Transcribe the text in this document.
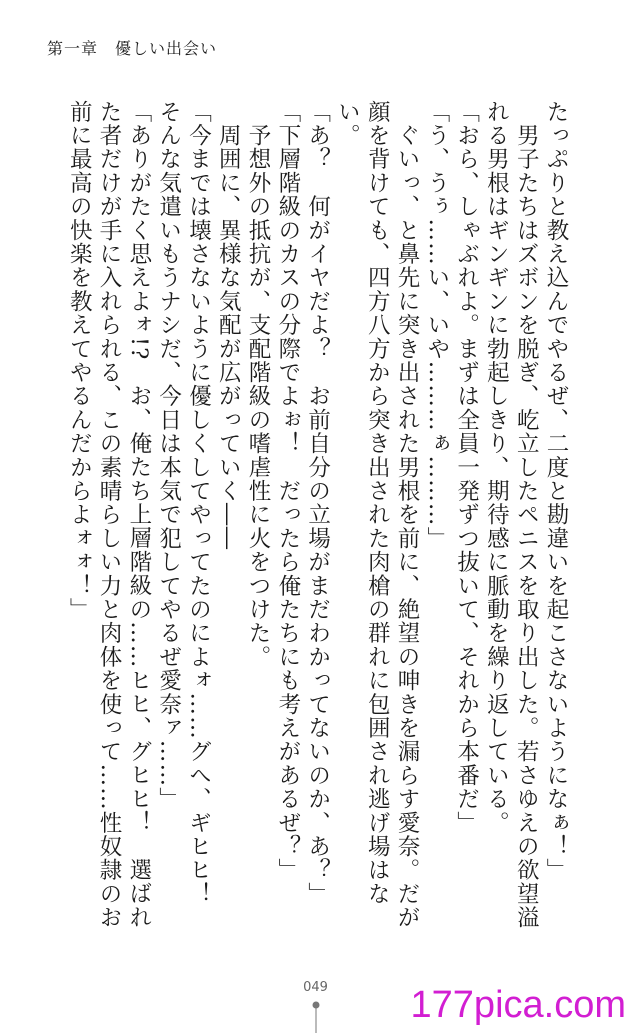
第一章　優しい出会い

たっぷりと教え込んでやるぜ、二度と勘違いを起こさないようになぁ！」

　男子たちはズボンを脱ぎ、屹立したペニスを取り出した。若さゆえの欲望溢れる男根はギンギンに勃起しきり、期待感に脈動を繰り返している。

「おら、しゃぶれよ。まずは全員一発ずつ抜いて、それから本番だ」

「う、うぅ……い、いや………ぁ………」

　ぐいっ、と鼻先に突き出された男根を前に、絶望の呻きを漏らす愛奈。だが顔を背けても、四方八方から突き出された肉槍の群れに包囲され逃げ場はない。

「あ？　何がイヤだよ？　お前自分の立場がまだわかってないのか、あ？」

「下層階級のカスの分際でよぉ！　だったら俺たちにも考えがあるぜ？」

　予想外の抵抗が、支配階級の嗜虐性に火をつけた。

　周囲に、異様な気配が広がっていく――

「今までは壊さないように優しくしてやってたのによォ……グへ、ギヒヒ！　そんな気遣いもうナシだ、今日は本気で犯してやるぜ愛奈ァ……」

「ありがたく思えよォ!?　お、俺たち上層階級の……ヒヒ、グヒヒ！　選ばれた者だけが手に入れられる、この素晴らしい力と肉体を使って……性奴隷のお前に最高の快楽を教えてやるんだからよォォ！」

049	177pica.com
